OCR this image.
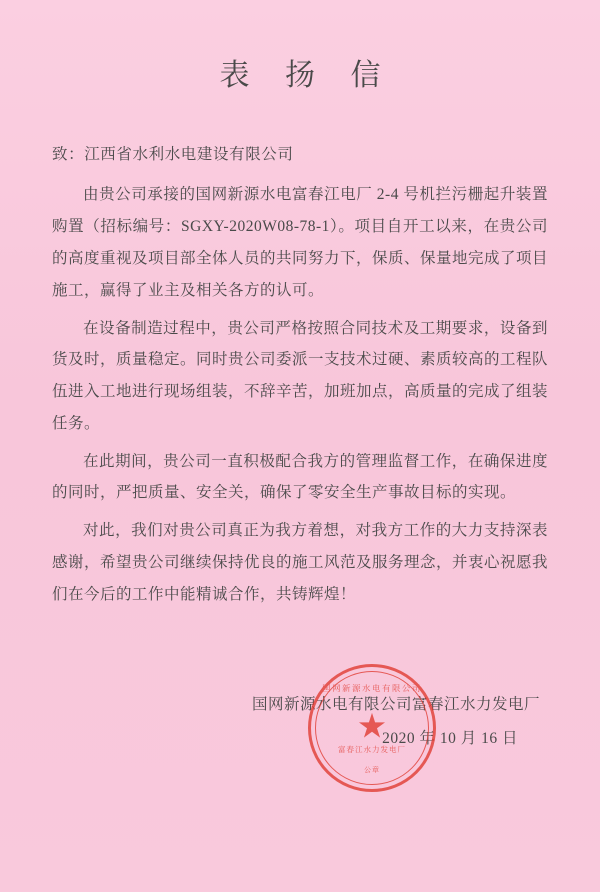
表 扬 信
致：江西省水利水电建设有限公司

由贵公司承接的国网新源水电富春江电厂 2-4 号机拦污栅起升装置购置（招标编号：SGXY-2020W08-78-1）。项目自开工以来，在贵公司的高度重视及项目部全体人员的共同努力下，保质、保量地完成了项目施工，赢得了业主及相关各方的认可。

在设备制造过程中，贵公司严格按照合同技术及工期要求，设备到货及时，质量稳定。同时贵公司委派一支技术过硬、素质较高的工程队伍进入工地进行现场组装，不辞辛苦，加班加点，高质量的完成了组装任务。

在此期间，贵公司一直积极配合我方的管理监督工作，在确保进度的同时，严把质量、安全关，确保了零安全生产事故目标的实现。

对此，我们对贵公司真正为我方着想，对我方工作的大力支持深表感谢，希望贵公司继续保持优良的施工风范及服务理念，并衷心祝愿我们在今后的工作中能精诚合作，共铸辉煌！

国网新源水电有限公司富春江水力发电厂
2020 年 10 月 16 日
国网新源水电有限公司
★
富春江水力发电厂
公章
